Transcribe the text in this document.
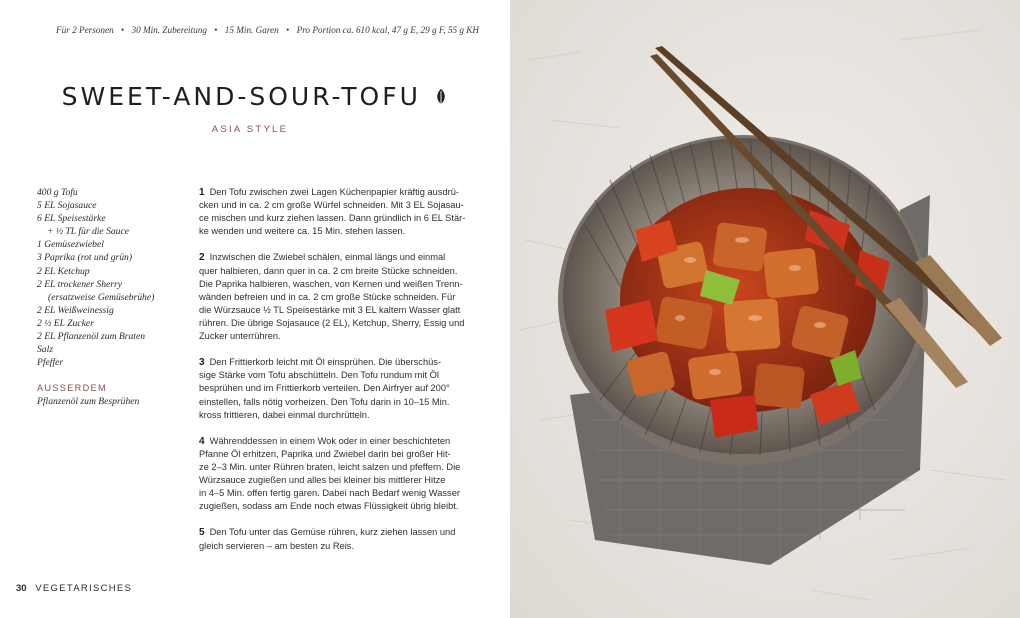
Für 2 Personen • 30 Min. Zubereitung • 15 Min. Garen • Pro Portion ca. 610 kcal, 47 g E, 29 g F, 55 g KH
SWEET-AND-SOUR-TOFU
ASIA STYLE
400 g Tofu
5 EL Sojasauce
6 EL Speisestärke
+ ½ TL für die Sauce
1 Gemüsezwiebel
3 Paprika (rot und grün)
2 EL Ketchup
2 EL trockener Sherry
(ersatzweise Gemüsebrühe)
2 EL Weißweinessig
2 ½ EL Zucker
2 EL Pflanzenöl zum Braten
Salz
Pfeffer
AUSSERDEM
Pflanzenöl zum Besprühen
1 Den Tofu zwischen zwei Lagen Küchenpapier kräftig ausdrü-
cken und in ca. 2 cm große Würfel schneiden. Mit 3 EL Sojasau-
ce mischen und kurz ziehen lassen. Dann gründlich in 6 EL Stär-
ke wenden und weitere ca. 15 Min. stehen lassen.
2 Inzwischen die Zwiebel schälen, einmal längs und einmal
quer halbieren, dann quer in ca. 2 cm breite Stücke schneiden.
Die Paprika halbieren, waschen, von Kernen und weißen Trenn-
wänden befreien und in ca. 2 cm große Stücke schneiden. Für
die Würzsauce ½ TL Speisestärke mit 3 EL kaltem Wasser glatt
rühren. Die übrige Sojasauce (2 EL), Ketchup, Sherry, Essig und
Zucker unterrühren.
3 Den Frittierkorb leicht mit Öl einsprühen. Die überschüs-
sige Stärke vom Tofu abschütteln. Den Tofu rundum mit Öl
besprühen und im Frittierkorb verteilen. Den Airfryer auf 200°
einstellen, falls nötig vorheizen. Den Tofu darin in 10–15 Min.
kross frittieren, dabei einmal durchrütteln.
4 Währenddessen in einem Wok oder in einer beschichteten
Pfanne Öl erhitzen, Paprika und Zwiebel darin bei großer Hit-
ze 2–3 Min. unter Rühren braten, leicht salzen und pfeffern. Die
Würzsauce zugießen und alles bei kleiner bis mittlerer Hitze
in 4–5 Min. offen fertig garen. Dabei nach Bedarf wenig Wasser
zugießen, sodass am Ende noch etwas Flüssigkeit übrig bleibt.
5 Den Tofu unter das Gemüse rühren, kurz ziehen lassen und
gleich servieren – am besten zu Reis.
30 VEGETARISCHES
